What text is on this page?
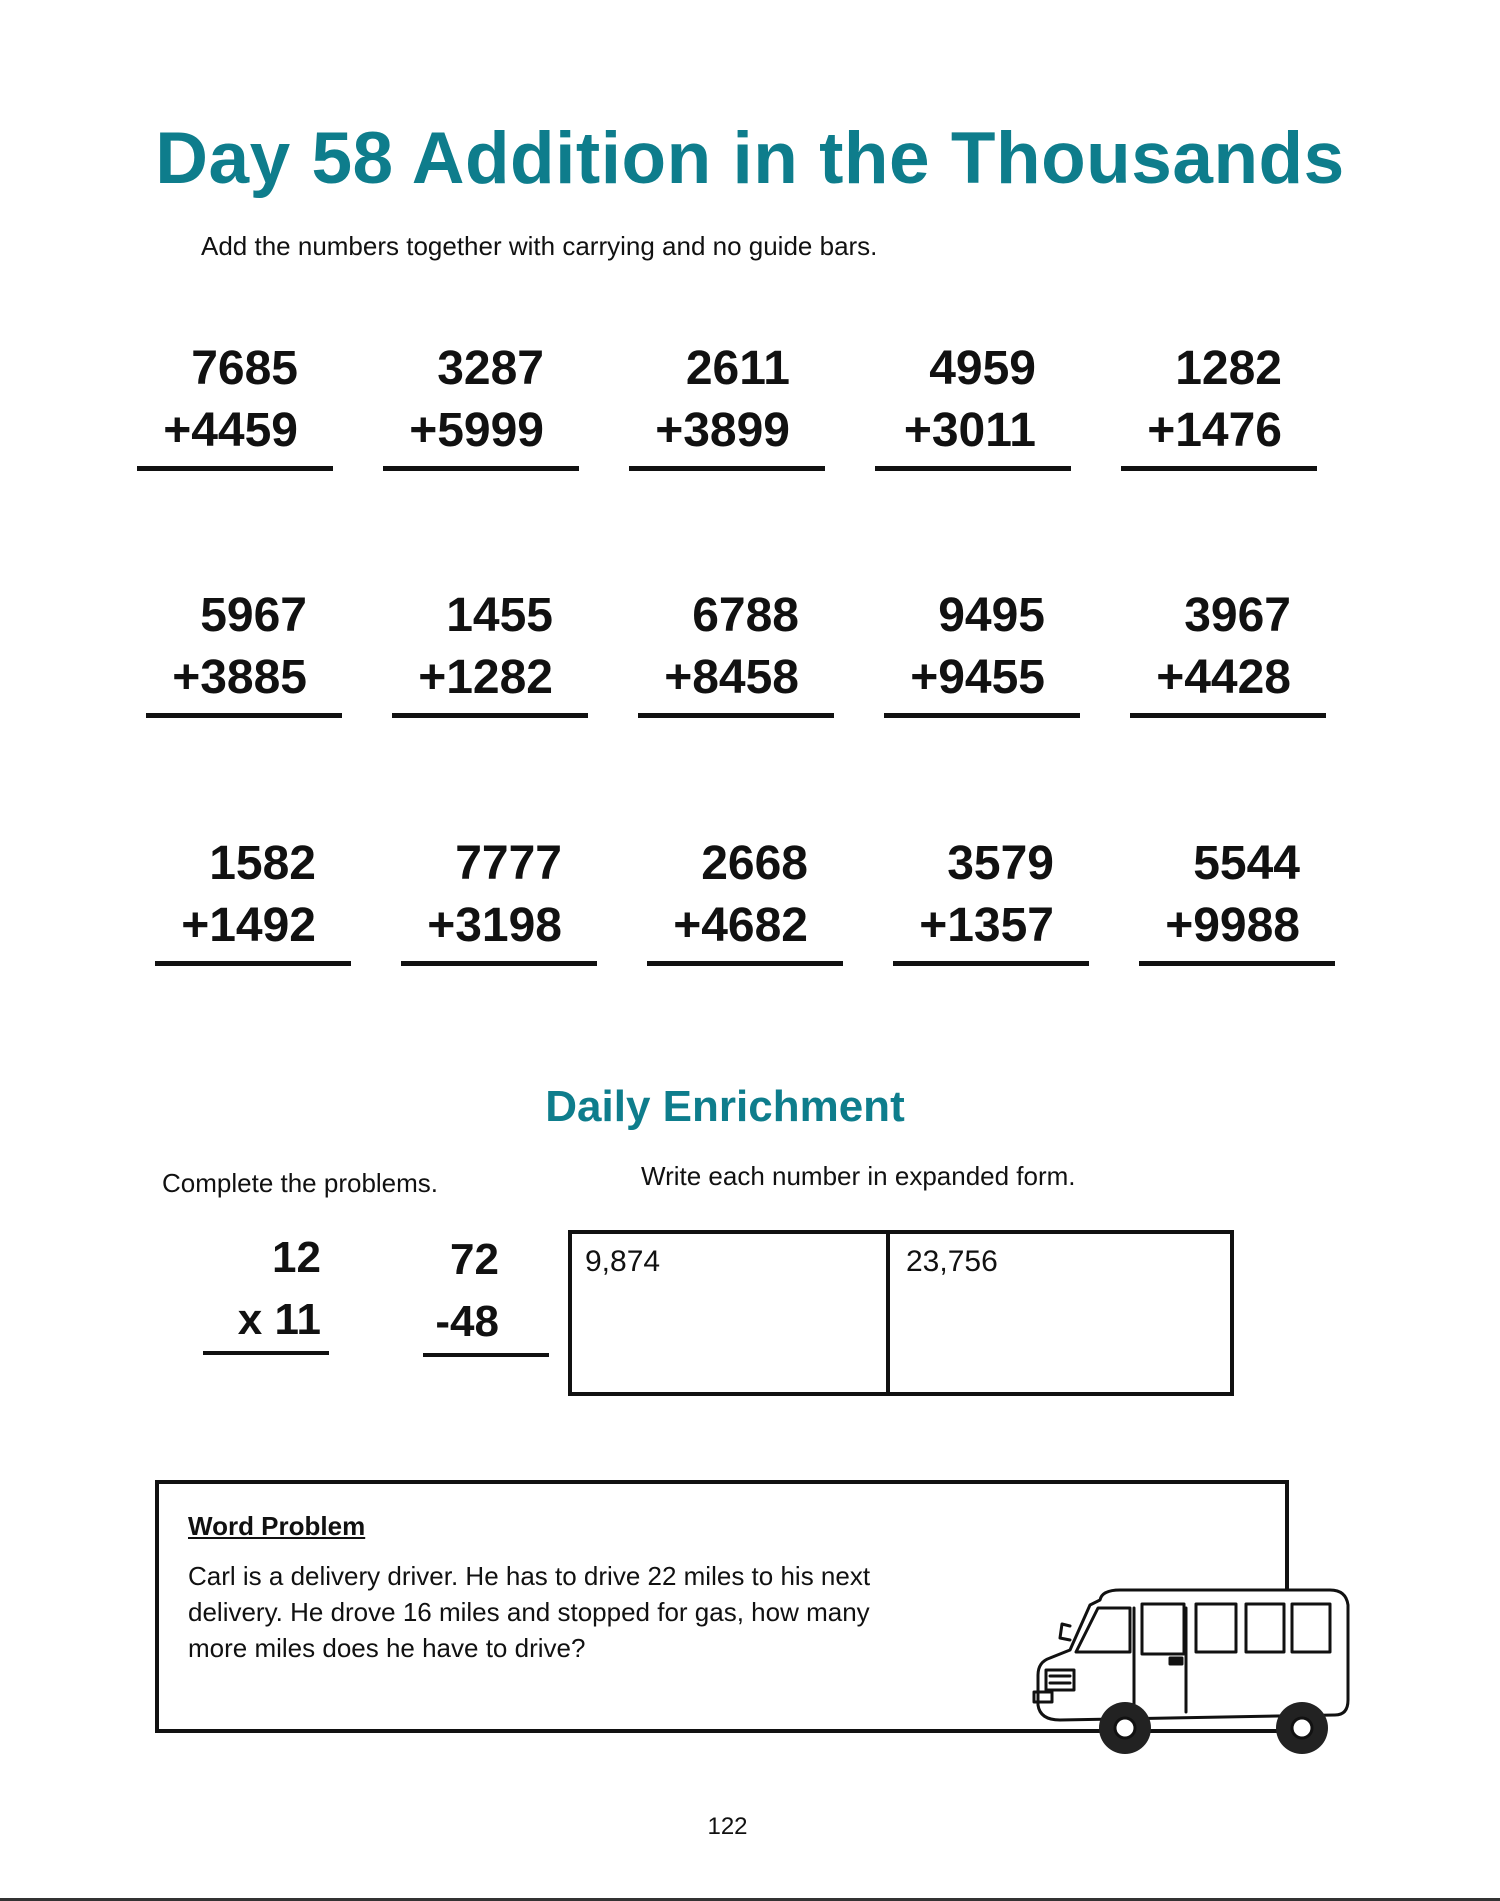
Day 58 Addition in the Thousands
Add the numbers together with carrying and no guide bars.
7685
+4459
3287
+5999
2611
+3899
4959
+3011
1282
+1476
5967
+3885
1455
+1282
6788
+8458
9495
+9455
3967
+4428
1582
+1492
7777
+3198
2668
+4682
3579
+1357
5544
+9988
Daily Enrichment
Complete the problems.	Write each number in expanded form.
12
x 11
72
-48
9,874	23,756
Word Problem
Carl is a delivery driver. He has to drive 22 miles to his next delivery. He drove 16 miles and stopped for gas, how many more miles does he have to drive?
122
